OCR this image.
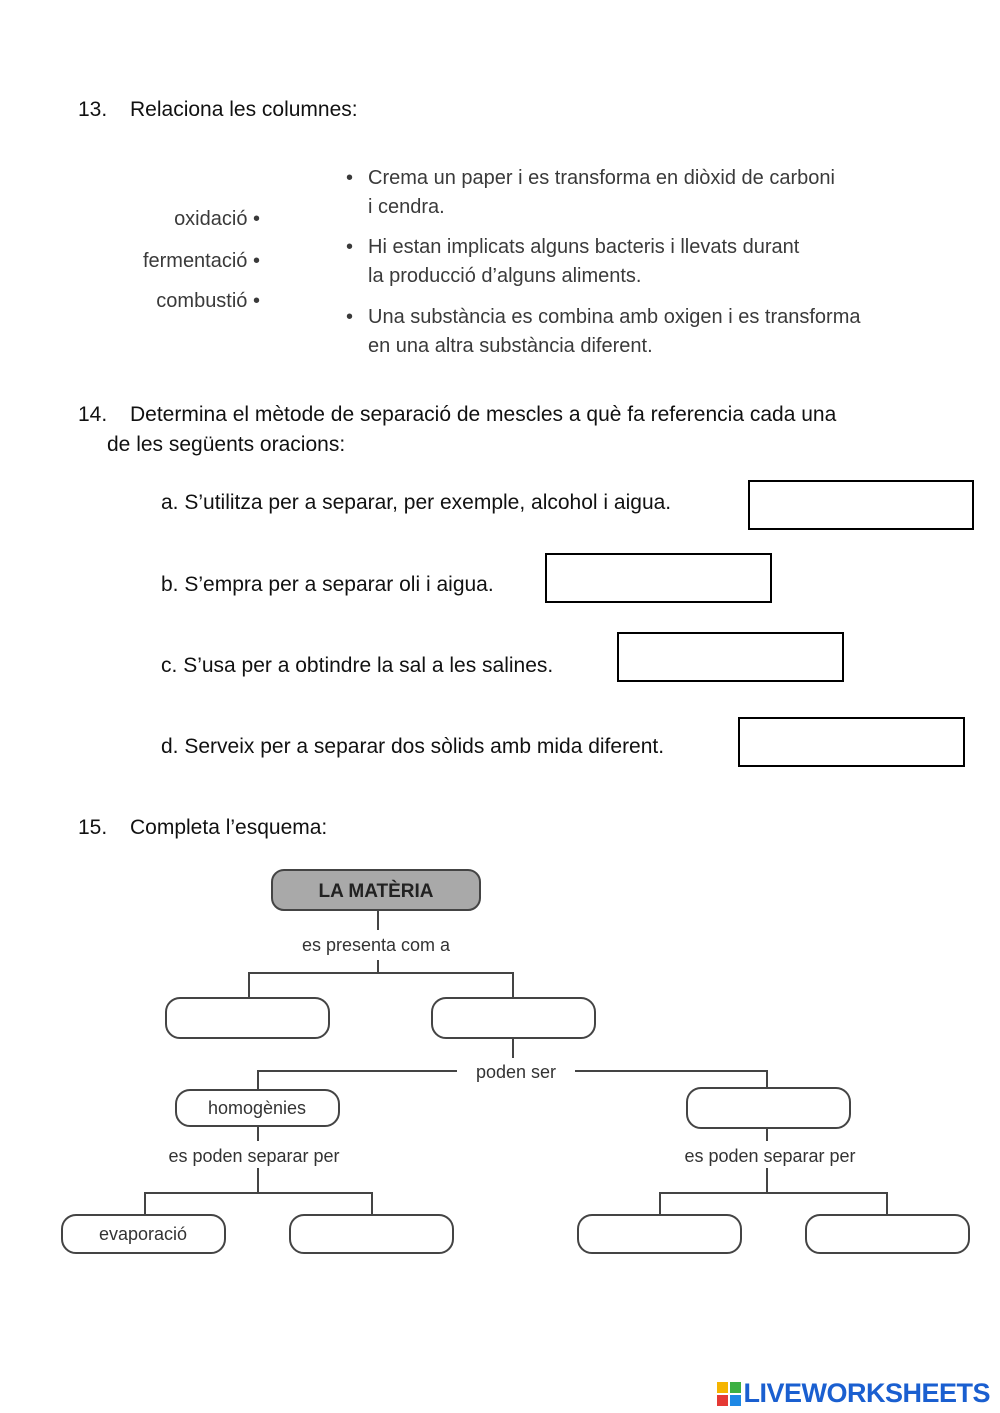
13. Relaciona les columnes:
oxidació •
fermentació •
combustió •
• Crema un paper i es transforma en diòxid de carboni
i cendra.
• Hi estan implicats alguns bacteris i llevats durant
la producció d’alguns aliments.
• Una substància es combina amb oxigen i es transforma
en una altra substància diferent.
14. Determina el mètode de separació de mescles a què fa referencia cada una
de les següents oracions:
a. S’utilitza per a separar, per exemple, alcohol i aigua.
b. S’empra per a separar oli i aigua.
c. S’usa per a obtindre la sal a les salines.
d. Serveix per a separar dos sòlids amb mida diferent.
15. Completa l’esquema:
LA MATÈRIA
es presenta com a
poden ser
homogènies
es poden separar per	es poden separar per
evaporació
LIVEWORKSHEETS
